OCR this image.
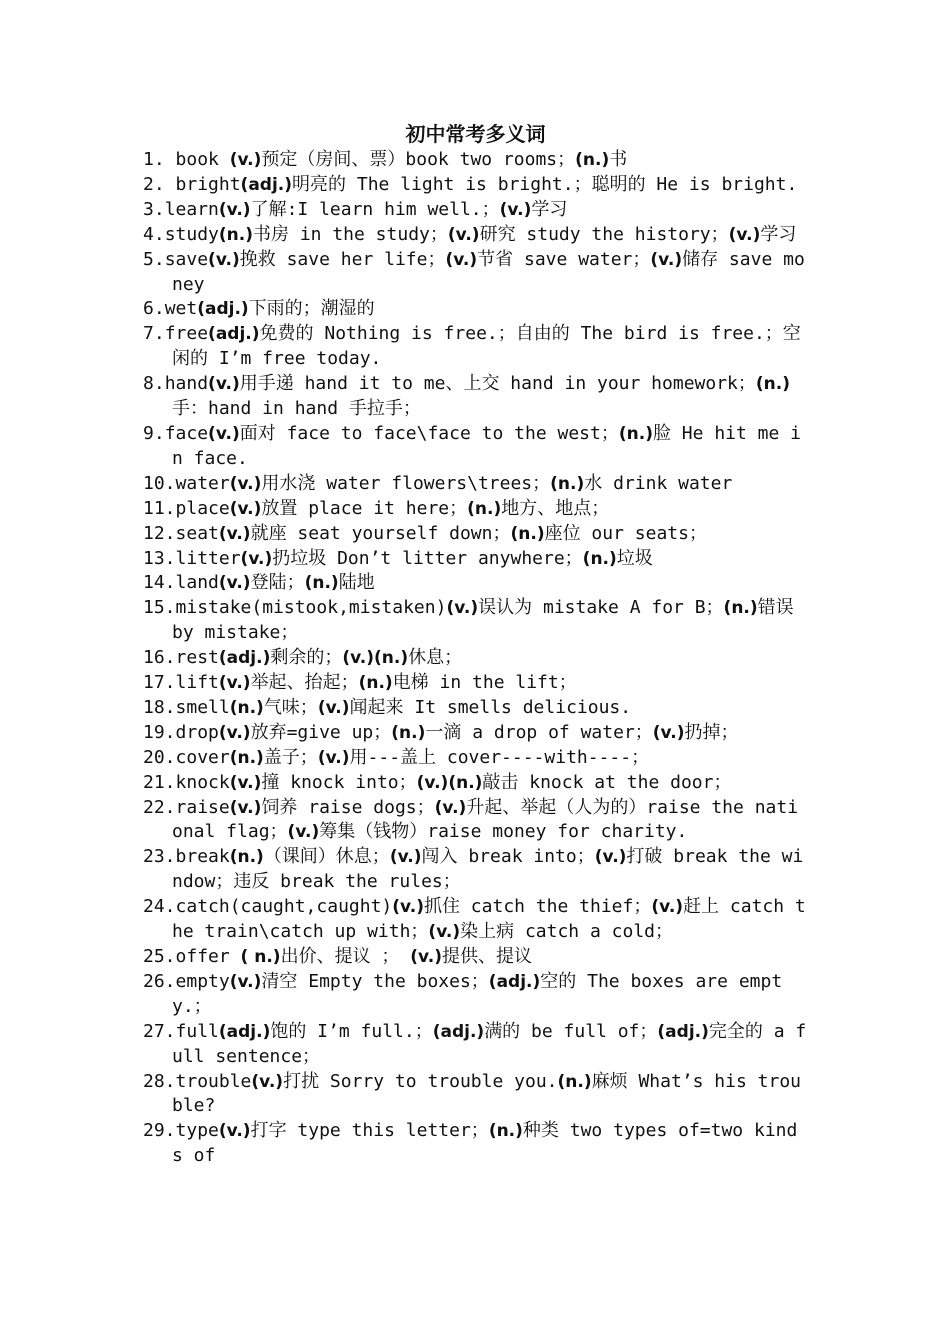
初中常考多义词
1. book (v.)预定（房间、票）book two rooms；(n.)书
2. bright(adj.)明亮的 The light is bright.；聪明的 He is bright.
3.learn(v.)了解:I learn him well.；(v.)学习
4.study(n.)书房 in the study；(v.)研究 study the history；(v.)学习
5.save(v.)挽救 save her life；(v.)节省 save water；(v.)储存 save money
6.wet(adj.)下雨的；潮湿的
7.free(adj.)免费的 Nothing is free.；自由的 The bird is free.；空闲的 I’m free today.
8.hand(v.)用手递 hand it to me、上交 hand in your homework；(n.)手：hand in hand 手拉手；
9.face(v.)面对 face to face\face to the west；(n.)脸 He hit me in face.
10.water(v.)用水浇 water flowers\trees；(n.)水 drink water
11.place(v.)放置 place it here；(n.)地方、地点；
12.seat(v.)就座 seat yourself down；(n.)座位 our seats；
13.litter(v.)扔垃圾 Don’t litter anywhere；(n.)垃圾
14.land(v.)登陆；(n.)陆地
15.mistake(mistook,mistaken)(v.)误认为 mistake A for B；(n.)错误 by mistake；
16.rest(adj.)剩余的；(v.)(n.)休息；
17.lift(v.)举起、抬起；(n.)电梯 in the lift；
18.smell(n.)气味；(v.)闻起来 It smells delicious.
19.drop(v.)放弃=give up；(n.)一滴 a drop of water；(v.)扔掉；
20.cover(n.)盖子；(v.)用---盖上 cover----with----；
21.knock(v.)撞 knock into；(v.)(n.)敲击 knock at the door；
22.raise(v.)饲养 raise dogs；(v.)升起、举起（人为的）raise the national flag；(v.)筹集（钱物）raise money for charity.
23.break(n.)（课间）休息；(v.)闯入 break into；(v.)打破 break the window；违反 break the rules；
24.catch(caught,caught)(v.)抓住 catch the thief；(v.)赶上 catch the train\catch up with；(v.)染上病 catch a cold；
25.offer ( n.)出价、提议 ； (v.)提供、提议
26.empty(v.)清空 Empty the boxes；(adj.)空的 The boxes are empty.；
27.full(adj.)饱的 I’m full.；(adj.)满的 be full of；(adj.)完全的 a full sentence；
28.trouble(v.)打扰 Sorry to trouble you.(n.)麻烦 What’s his trouble?
29.type(v.)打字 type this letter；(n.)种类 two types of=two kinds of
